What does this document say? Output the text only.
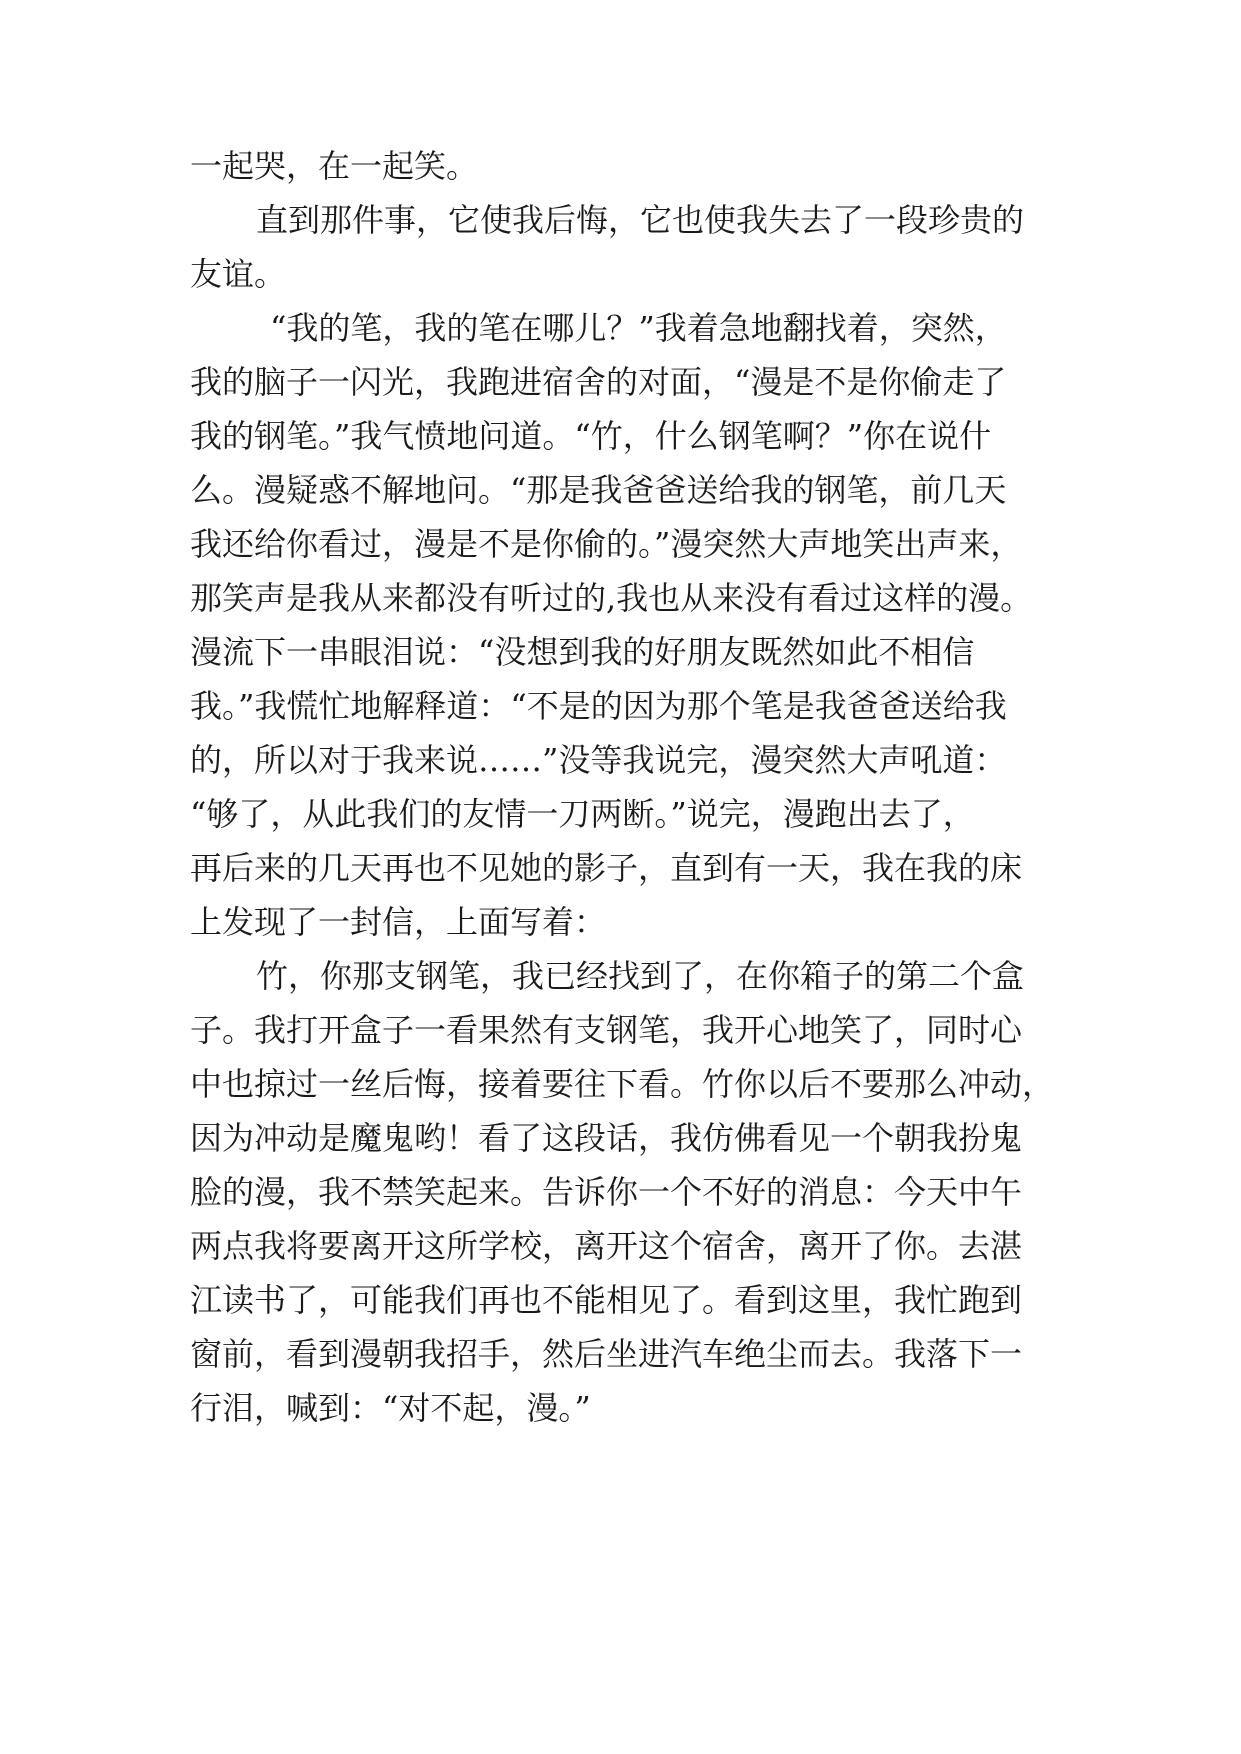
一起哭，在一起笑。
直到那件事，它使我后悔，它也使我失去了一段珍贵的
友谊。
“我的笔，我的笔在哪儿？”我着急地翻找着，突然，
我的脑子一闪光，我跑进宿舍的对面，“漫是不是你偷走了
我的钢笔。”我气愤地问道。“竹，什么钢笔啊？”你在说什
么。漫疑惑不解地问。“那是我爸爸送给我的钢笔，前几天
我还给你看过，漫是不是你偷的。”漫突然大声地笑出声来，
那笑声是我从来都没有听过的,我也从来没有看过这样的漫。
漫流下一串眼泪说：“没想到我的好朋友既然如此不相信
我。”我慌忙地解释道：“不是的因为那个笔是我爸爸送给我
的，所以对于我来说……”没等我说完，漫突然大声吼道：
“够了，从此我们的友情一刀两断。”说完，漫跑出去了，
再后来的几天再也不见她的影子，直到有一天，我在我的床
上发现了一封信，上面写着：
竹，你那支钢笔，我已经找到了，在你箱子的第二个盒
子。我打开盒子一看果然有支钢笔，我开心地笑了，同时心
中也掠过一丝后悔，接着要往下看。竹你以后不要那么冲动，
因为冲动是魔鬼哟！看了这段话，我仿佛看见一个朝我扮鬼
脸的漫，我不禁笑起来。告诉你一个不好的消息：今天中午
两点我将要离开这所学校，离开这个宿舍，离开了你。去湛
江读书了，可能我们再也不能相见了。看到这里，我忙跑到
窗前，看到漫朝我招手，然后坐进汽车绝尘而去。我落下一
行泪，喊到：“对不起，漫。”
